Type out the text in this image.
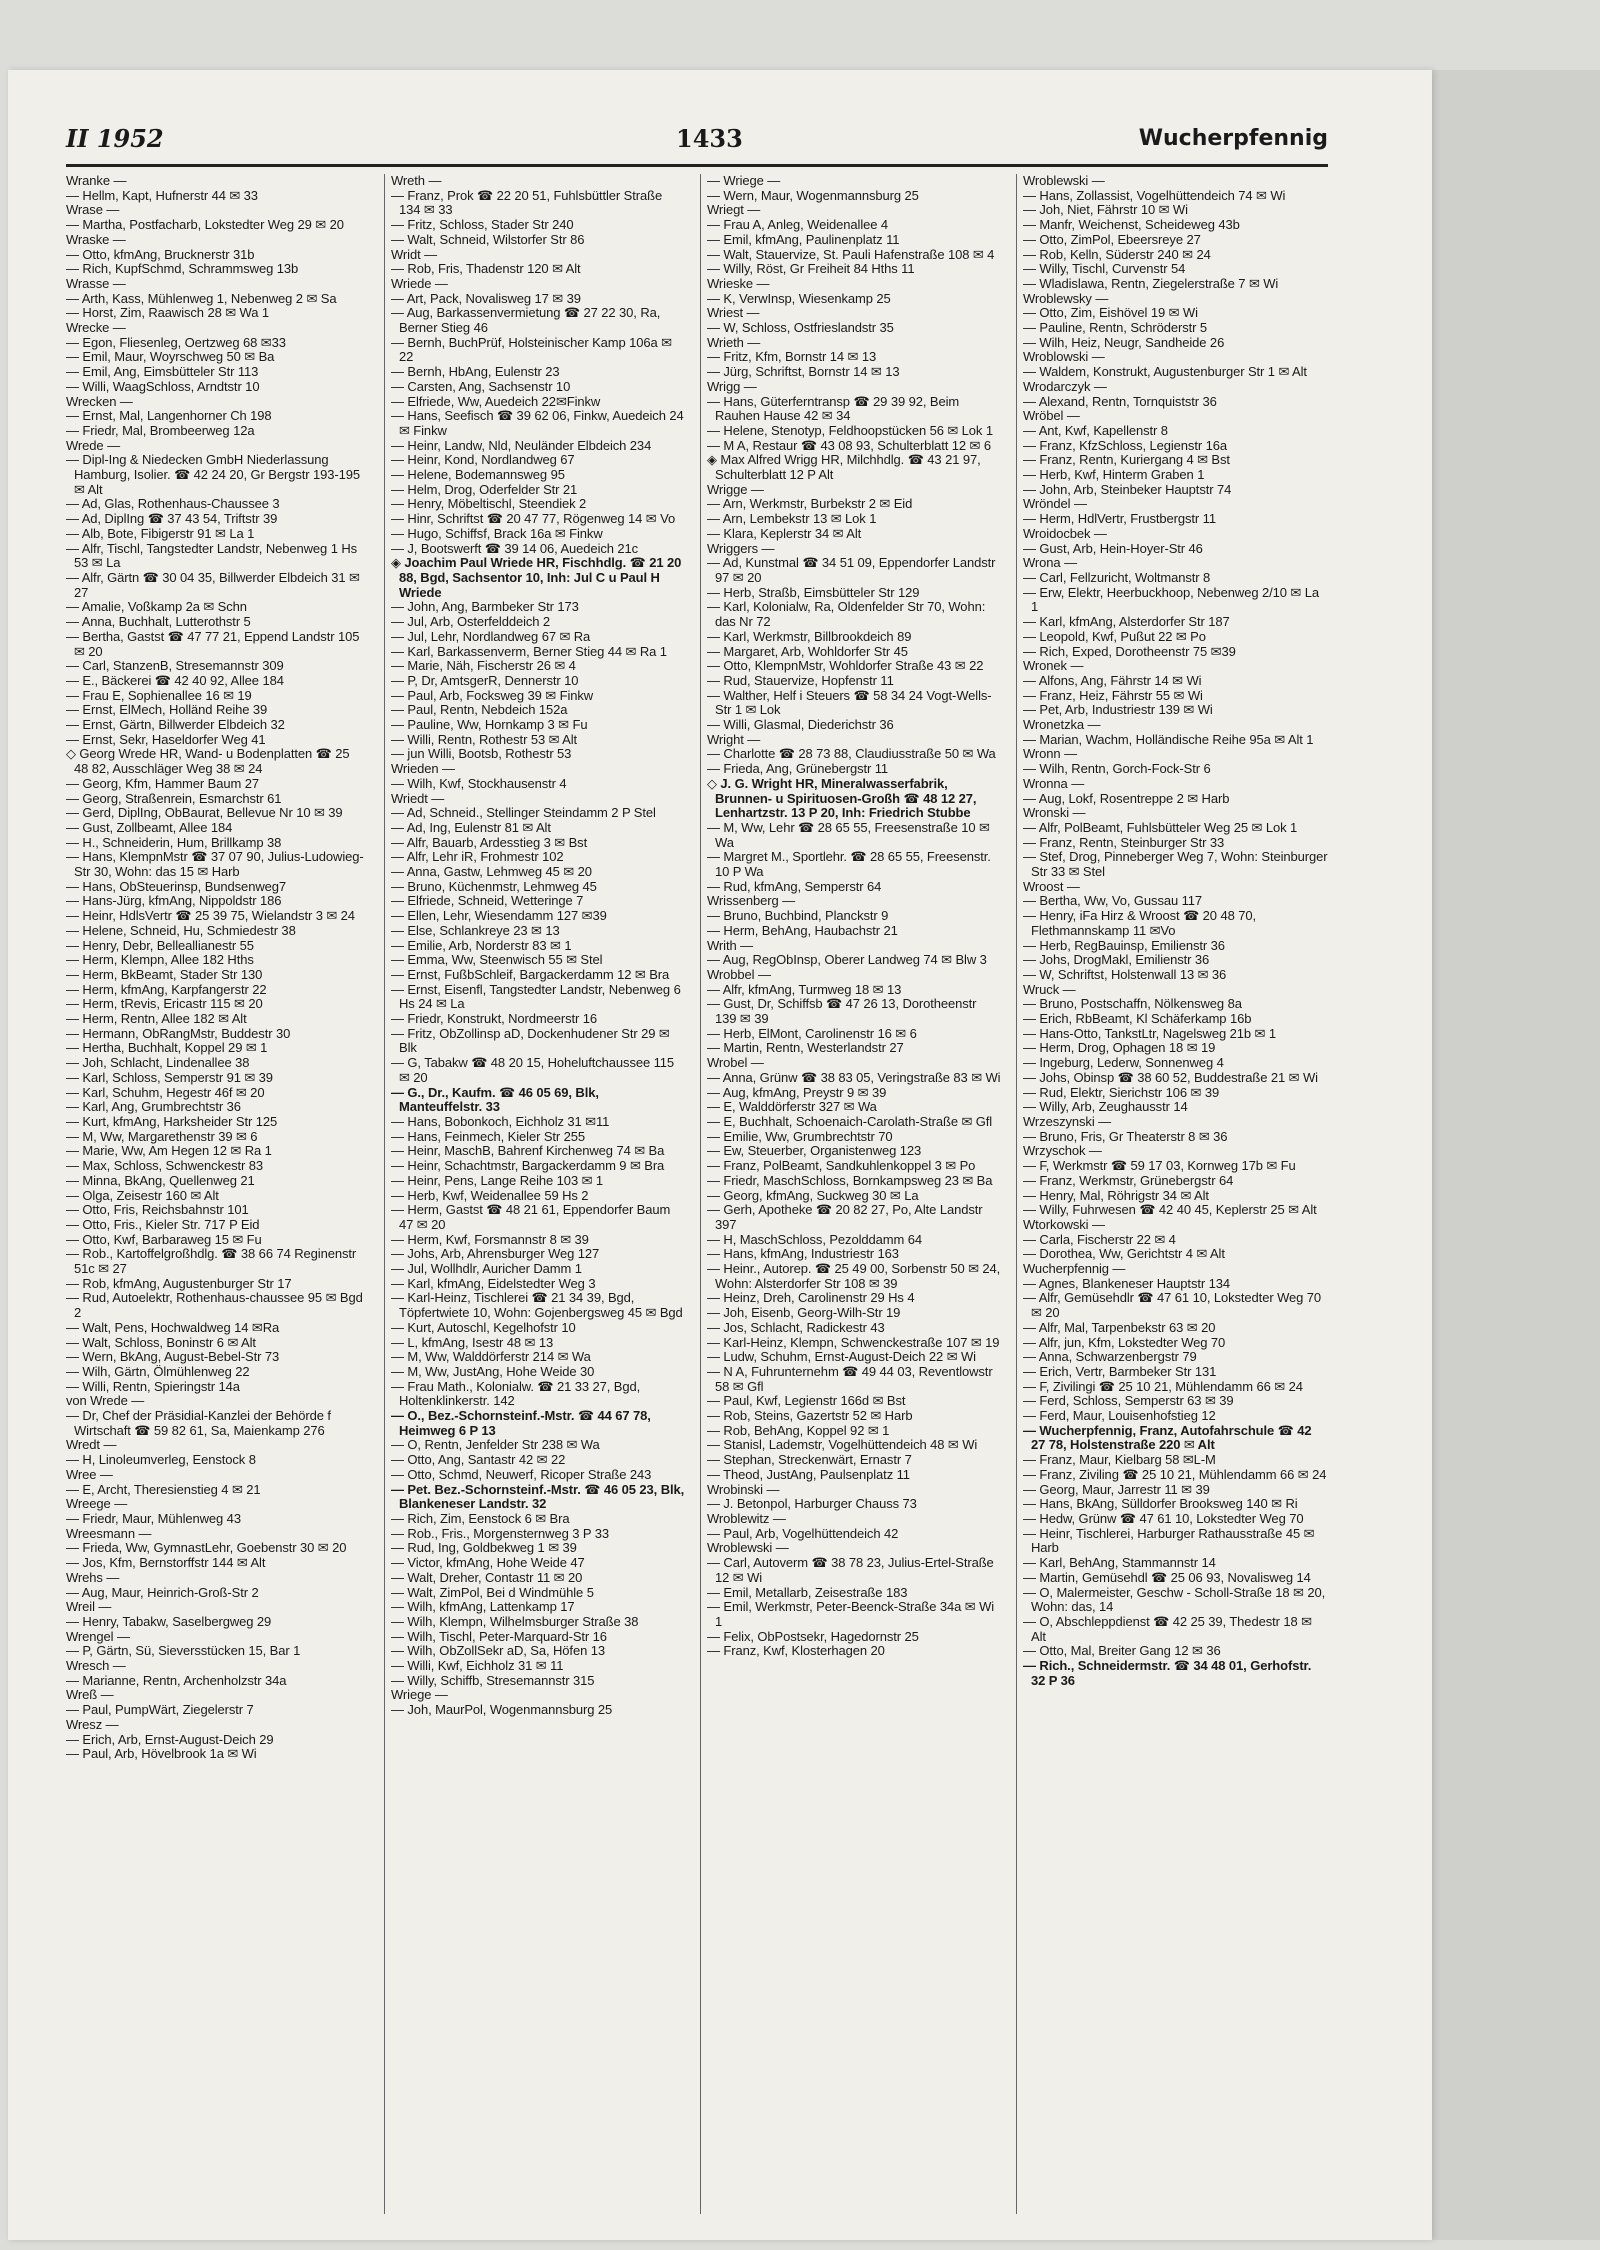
II 1952	1433	Wucherpfennig
Wranke —
— Hellm, Kapt, Hufnerstr 44 ✉ 33
Wrase —
— Martha, Postfacharb, Lokstedter Weg 29 ✉ 20
Wraske —
— Otto, kfmAng, Brucknerstr 31b
— Rich, KupfSchmd, Schrammsweg 13b
Wrasse —
— Arth, Kass, Mühlenweg 1, Nebenweg 2 ✉ Sa
— Horst, Zim, Raawisch 28 ✉ Wa 1
Wrecke —
— Egon, Fliesenleg, Oertzweg 68 ✉33
— Emil, Maur, Woyrschweg 50 ✉ Ba
— Emil, Ang, Eimsbütteler Str 113
— Willi, WaagSchloss, Arndtstr 10
Wrecken —
— Ernst, Mal, Langenhorner Ch 198
— Friedr, Mal, Brombeerweg 12a
Wrede —
— Dipl-Ing & Niedecken GmbH Niederlassung Hamburg, Isolier. ☎ 42 24 20, Gr Bergstr 193-195 ✉ Alt
— Ad, Glas, Rothenhaus-Chaussee 3
— Ad, DiplIng ☎ 37 43 54, Triftstr 39
— Alb, Bote, Fibigerstr 91 ✉ La 1
— Alfr, Tischl, Tangstedter Landstr, Nebenweg 1 Hs 53 ✉ La
— Alfr, Gärtn ☎ 30 04 35, Billwerder Elbdeich 31 ✉ 27
— Amalie, Voßkamp 2a ✉ Schn
— Anna, Buchhalt, Lutterothstr 5
— Bertha, Gastst ☎ 47 77 21, Eppend Landstr 105 ✉ 20
— Carl, StanzenB, Stresemannstr 309
— E., Bäckerei ☎ 42 40 92, Allee 184
— Frau E, Sophienallee 16 ✉ 19
— Ernst, ElMech, Holländ Reihe 39
— Ernst, Gärtn, Billwerder Elbdeich 32
— Ernst, Sekr, Haseldorfer Weg 41
◇ Georg Wrede HR, Wand- u Bodenplatten ☎ 25 48 82, Ausschläger Weg 38 ✉ 24
— Georg, Kfm, Hammer Baum 27
— Georg, Straßenrein, Esmarchstr 61
— Gerd, DiplIng, ObBaurat, Bellevue Nr 10 ✉ 39
— Gust, Zollbeamt, Allee 184
— H., Schneiderin, Hum, Brillkamp 38
— Hans, KlempnMstr ☎ 37 07 90, Julius-Ludowieg-Str 30, Wohn: das 15 ✉ Harb
— Hans, ObSteuerinsp, Bundsenweg7
— Hans-Jürg, kfmAng, Nippoldstr 186
— Heinr, HdlsVertr ☎ 25 39 75, Wielandstr 3 ✉ 24
— Helene, Schneid, Hu, Schmiedestr 38
— Henry, Debr, Belleallianestr 55
— Herm, Klempn, Allee 182 Hths
— Herm, BkBeamt, Stader Str 130
— Herm, kfmAng, Karpfangerstr 22
— Herm, tRevis, Ericastr 115 ✉ 20
— Herm, Rentn, Allee 182 ✉ Alt
— Hermann, ObRangMstr, Buddestr 30
— Hertha, Buchhalt, Koppel 29 ✉ 1
— Joh, Schlacht, Lindenallee 38
— Karl, Schloss, Semperstr 91 ✉ 39
— Karl, Schuhm, Hegestr 46f ✉ 20
— Karl, Ang, Grumbrechtstr 36
— Kurt, kfmAng, Harksheider Str 125
— M, Ww, Margarethenstr 39 ✉ 6
— Marie, Ww, Am Hegen 12 ✉ Ra 1
— Max, Schloss, Schwenckestr 83
— Minna, BkAng, Quellenweg 21
— Olga, Zeisestr 160 ✉ Alt
— Otto, Fris, Reichsbahnstr 101
— Otto, Fris., Kieler Str. 717 P Eid
— Otto, Kwf, Barbaraweg 15 ✉ Fu
— Rob., Kartoffelgroßhdlg. ☎ 38 66 74 Reginenstr 51c ✉ 27
— Rob, kfmAng, Augustenburger Str 17
— Rud, Autoelektr, Rothenhaus-chaussee 95 ✉ Bgd 2
— Walt, Pens, Hochwaldweg 14 ✉Ra
— Walt, Schloss, Boninstr 6 ✉ Alt
— Wern, BkAng, August-Bebel-Str 73
— Wilh, Gärtn, Ölmühlenweg 22
— Willi, Rentn, Spieringstr 14a
von Wrede —
— Dr, Chef der Präsidial-Kanzlei der Behörde f Wirtschaft ☎ 59 82 61, Sa, Maienkamp 276
Wredt —
— H, Linoleumverleg, Eenstock 8
Wree —
— E, Archt, Theresienstieg 4 ✉ 21
Wreege —
— Friedr, Maur, Mühlenweg 43
Wreesmann —
— Frieda, Ww, GymnastLehr, Goebenstr 30 ✉ 20
— Jos, Kfm, Bernstorffstr 144 ✉ Alt
Wrehs —
— Aug, Maur, Heinrich-Groß-Str 2
Wreil —
— Henry, Tabakw, Saselbergweg 29
Wrengel —
— P, Gärtn, Sü, Sieversstücken 15, Bar 1
Wresch —
— Marianne, Rentn, Archenholzstr 34a
Wreß —
— Paul, PumpWärt, Ziegelerstr 7
Wresz —
— Erich, Arb, Ernst-August-Deich 29
— Paul, Arb, Hövelbrook 1a ✉ Wi
Wreth —
— Franz, Prok ☎ 22 20 51, Fuhlsbüttler Straße 134 ✉ 33
— Fritz, Schloss, Stader Str 240
— Walt, Schneid, Wilstorfer Str 86
Wridt —
— Rob, Fris, Thadenstr 120 ✉ Alt
Wriede —
— Art, Pack, Novalisweg 17 ✉ 39
— Aug, Barkassenvermietung ☎ 27 22 30, Ra, Berner Stieg 46
— Bernh, BuchPrüf, Holsteinischer Kamp 106a ✉ 22
— Bernh, HbAng, Eulenstr 23
— Carsten, Ang, Sachsenstr 10
— Elfriede, Ww, Auedeich 22✉Finkw
— Hans, Seefisch ☎ 39 62 06, Finkw, Auedeich 24 ✉ Finkw
— Heinr, Landw, Nld, Neuländer Elbdeich 234
— Heinr, Kond, Nordlandweg 67
— Helene, Bodemannsweg 95
— Helm, Drog, Oderfelder Str 21
— Henry, Möbeltischl, Steendiek 2
— Hinr, Schriftst ☎ 20 47 77, Rögenweg 14 ✉ Vo
— Hugo, Schiffsf, Brack 16a ✉ Finkw
— J, Bootswerft ☎ 39 14 06, Auedeich 21c
◈ Joachim Paul Wriede HR, Fischhdlg. ☎ 21 20 88, Bgd, Sachsentor 10, Inh: Jul C u Paul H Wriede
— John, Ang, Barmbeker Str 173
— Jul, Arb, Osterfelddeich 2
— Jul, Lehr, Nordlandweg 67 ✉ Ra
— Karl, Barkassenverm, Berner Stieg 44 ✉ Ra 1
— Marie, Näh, Fischerstr 26 ✉ 4
— P, Dr, AmtsgerR, Dennerstr 10
— Paul, Arb, Focksweg 39 ✉ Finkw
— Paul, Rentn, Nebdeich 152a
— Pauline, Ww, Hornkamp 3 ✉ Fu
— Willi, Rentn, Rothestr 53 ✉ Alt
— jun Willi, Bootsb, Rothestr 53
Wrieden —
— Wilh, Kwf, Stockhausenstr 4
Wriedt —
— Ad, Schneid., Stellinger Steindamm 2 P Stel
— Ad, Ing, Eulenstr 81 ✉ Alt
— Alfr, Bauarb, Ardesstieg 3 ✉ Bst
— Alfr, Lehr iR, Frohmestr 102
— Anna, Gastw, Lehmweg 45 ✉ 20
— Bruno, Küchenmstr, Lehmweg 45
— Elfriede, Schneid, Wetteringe 7
— Ellen, Lehr, Wiesendamm 127 ✉39
— Else, Schlankreye 23 ✉ 13
— Emilie, Arb, Norderstr 83 ✉ 1
— Emma, Ww, Steenwisch 55 ✉ Stel
— Ernst, FußbSchleif, Bargackerdamm 12 ✉ Bra
— Ernst, Eisenfl, Tangstedter Landstr, Nebenweg 6 Hs 24 ✉ La
— Friedr, Konstrukt, Nordmeerstr 16
— Fritz, ObZollinsp aD, Dockenhudener Str 29 ✉ Blk
— G, Tabakw ☎ 48 20 15, Hoheluftchaussee 115 ✉ 20
— G., Dr., Kaufm. ☎ 46 05 69, Blk, Manteuffelstr. 33
— Hans, Bobonkoch, Eichholz 31 ✉11
— Hans, Feinmech, Kieler Str 255
— Heinr, MaschB, Bahrenf Kirchenweg 74 ✉ Ba
— Heinr, Schachtmstr, Bargackerdamm 9 ✉ Bra
— Heinr, Pens, Lange Reihe 103 ✉ 1
— Herb, Kwf, Weidenallee 59 Hs 2
— Herm, Gastst ☎ 48 21 61, Eppendorfer Baum 47 ✉ 20
— Herm, Kwf, Forsmannstr 8 ✉ 39
— Johs, Arb, Ahrensburger Weg 127
— Jul, Wollhdlr, Auricher Damm 1
— Karl, kfmAng, Eidelstedter Weg 3
— Karl-Heinz, Tischlerei ☎ 21 34 39, Bgd, Töpfertwiete 10, Wohn: Gojenbergsweg 45 ✉ Bgd
— Kurt, Autoschl, Kegelhofstr 10
— L, kfmAng, Isestr 48 ✉ 13
— M, Ww, Walddörferstr 214 ✉ Wa
— M, Ww, JustAng, Hohe Weide 30
— Frau Math., Kolonialw. ☎ 21 33 27, Bgd, Holtenklinkerstr. 142
— O., Bez.-Schornsteinf.-Mstr. ☎ 44 67 78, Heimweg 6 P 13
— O, Rentn, Jenfelder Str 238 ✉ Wa
— Otto, Ang, Santastr 42 ✉ 22
— Otto, Schmd, Neuwerf, Ricoper Straße 243
— Pet. Bez.-Schornsteinf.-Mstr. ☎ 46 05 23, Blk, Blankeneser Landstr. 32
— Rich, Zim, Eenstock 6 ✉ Bra
— Rob., Fris., Morgensternweg 3 P 33
— Rud, Ing, Goldbekweg 1 ✉ 39
— Victor, kfmAng, Hohe Weide 47
— Walt, Dreher, Contastr 11 ✉ 20
— Walt, ZimPol, Bei d Windmühle 5
— Wilh, kfmAng, Lattenkamp 17
— Wilh, Klempn, Wilhelmsburger Straße 38
— Wilh, Tischl, Peter-Marquard-Str 16
— Wilh, ObZollSekr aD, Sa, Höfen 13
— Willi, Kwf, Eichholz 31 ✉ 11
— Willy, Schiffb, Stresemannstr 315
Wriege —
— Joh, MaurPol, Wogenmannsburg 25
— Wriege —
— Wern, Maur, Wogenmannsburg 25
Wriegt —
— Frau A, Anleg, Weidenallee 4
— Emil, kfmAng, Paulinenplatz 11
— Walt, Stauervize, St. Pauli Hafenstraße 108 ✉ 4
— Willy, Röst, Gr Freiheit 84 Hths 11
Wrieske —
— K, VerwInsp, Wiesenkamp 25
Wriest —
— W, Schloss, Ostfrieslandstr 35
Wrieth —
— Fritz, Kfm, Bornstr 14 ✉ 13
— Jürg, Schriftst, Bornstr 14 ✉ 13
Wrigg —
— Hans, Güterferntransp ☎ 29 39 92, Beim Rauhen Hause 42 ✉ 34
— Helene, Stenotyp, Feldhoopstücken 56 ✉ Lok 1
— M A, Restaur ☎ 43 08 93, Schulterblatt 12 ✉ 6
◈ Max Alfred Wrigg HR, Milchhdlg. ☎ 43 21 97, Schulterblatt 12 P Alt
Wrigge —
— Arn, Werkmstr, Burbekstr 2 ✉ Eid
— Arn, Lembekstr 13 ✉ Lok 1
— Klara, Keplerstr 34 ✉ Alt
Wriggers —
— Ad, Kunstmal ☎ 34 51 09, Eppendorfer Landstr 97 ✉ 20
— Herb, Straßb, Eimsbütteler Str 129
— Karl, Kolonialw, Ra, Oldenfelder Str 70, Wohn: das Nr 72
— Karl, Werkmstr, Billbrookdeich 89
— Margaret, Arb, Wohldorfer Str 45
— Otto, KlempnMstr, Wohldorfer Straße 43 ✉ 22
— Rud, Stauervize, Hopfenstr 11
— Walther, Helf i Steuers ☎ 58 34 24 Vogt-Wells-Str 1 ✉ Lok
— Willi, Glasmal, Diederichstr 36
Wright —
— Charlotte ☎ 28 73 88, Claudiusstraße 50 ✉ Wa
— Frieda, Ang, Grünebergstr 11
◇ J. G. Wright HR, Mineralwasserfabrik, Brunnen- u Spirituosen-Großh ☎ 48 12 27, Lenhartzstr. 13 P 20, Inh: Friedrich Stubbe
— M, Ww, Lehr ☎ 28 65 55, Freesenstraße 10 ✉ Wa
— Margret M., Sportlehr. ☎ 28 65 55, Freesenstr. 10 P Wa
— Rud, kfmAng, Semperstr 64
Wrissenberg —
— Bruno, Buchbind, Planckstr 9
— Herm, BehAng, Haubachstr 21
Writh —
— Aug, RegObInsp, Oberer Landweg 74 ✉ Blw 3
Wrobbel —
— Alfr, kfmAng, Turmweg 18 ✉ 13
— Gust, Dr, Schiffsb ☎ 47 26 13, Dorotheenstr 139 ✉ 39
— Herb, ElMont, Carolinenstr 16 ✉ 6
— Martin, Rentn, Westerlandstr 27
Wrobel —
— Anna, Grünw ☎ 38 83 05, Veringstraße 83 ✉ Wi
— Aug, kfmAng, Preystr 9 ✉ 39
— E, Walddörferstr 327 ✉ Wa
— E, Buchhalt, Schoenaich-Carolath-Straße ✉ Gfl
— Emilie, Ww, Grumbrechtstr 70
— Ew, Steuerber, Organistenweg 123
— Franz, PolBeamt, Sandkuhlenkoppel 3 ✉ Po
— Friedr, MaschSchloss, Bornkampsweg 23 ✉ Ba
— Georg, kfmAng, Suckweg 30 ✉ La
— Gerh, Apotheke ☎ 20 82 27, Po, Alte Landstr 397
— H, MaschSchloss, Pezolddamm 64
— Hans, kfmAng, Industriestr 163
— Heinr., Autorep. ☎ 25 49 00, Sorbenstr 50 ✉ 24, Wohn: Alsterdorfer Str 108 ✉ 39
— Heinz, Dreh, Carolinenstr 29 Hs 4
— Joh, Eisenb, Georg-Wilh-Str 19
— Jos, Schlacht, Radickestr 43
— Karl-Heinz, Klempn, Schwenckestraße 107 ✉ 19
— Ludw, Schuhm, Ernst-August-Deich 22 ✉ Wi
— N A, Fuhrunternehm ☎ 49 44 03, Reventlowstr 58 ✉ Gfl
— Paul, Kwf, Legienstr 166d ✉ Bst
— Rob, Steins, Gazertstr 52 ✉ Harb
— Rob, BehAng, Koppel 92 ✉ 1
— Stanisl, Lademstr, Vogelhüttendeich 48 ✉ Wi
— Stephan, Streckenwärt, Ernastr 7
— Theod, JustAng, Paulsenplatz 11
Wrobinski —
— J. Betonpol, Harburger Chauss 73
Wroblewitz —
— Paul, Arb, Vogelhüttendeich 42
Wroblewski —
— Carl, Autoverm ☎ 38 78 23, Julius-Ertel-Straße 12 ✉ Wi
— Emil, Metallarb, Zeisestraße 183
— Emil, Werkmstr, Peter-Beenck-Straße 34a ✉ Wi 1
— Felix, ObPostsekr, Hagedornstr 25
— Franz, Kwf, Klosterhagen 20
Wroblewski —
— Hans, Zollassist, Vogelhüttendeich 74 ✉ Wi
— Joh, Niet, Fährstr 10 ✉ Wi
— Manfr, Weichenst, Scheideweg 43b
— Otto, ZimPol, Ebeersreye 27
— Rob, Kelln, Süderstr 240 ✉ 24
— Willy, Tischl, Curvenstr 54
— Wladislawa, Rentn, Ziegelerstraße 7 ✉ Wi
Wroblewsky —
— Otto, Zim, Eishövel 19 ✉ Wi
— Pauline, Rentn, Schröderstr 5
— Wilh, Heiz, Neugr, Sandheide 26
Wroblowski —
— Waldem, Konstrukt, Augustenburger Str 1 ✉ Alt
Wrodarczyk —
— Alexand, Rentn, Tornquiststr 36
Wröbel —
— Ant, Kwf, Kapellenstr 8
— Franz, KfzSchloss, Legienstr 16a
— Franz, Rentn, Kuriergang 4 ✉ Bst
— Herb, Kwf, Hinterm Graben 1
— John, Arb, Steinbeker Hauptstr 74
Wröndel —
— Herm, HdlVertr, Frustbergstr 11
Wroidocbek —
— Gust, Arb, Hein-Hoyer-Str 46
Wrona —
— Carl, Fellzuricht, Woltmanstr 8
— Erw, Elektr, Heerbuckhoop, Nebenweg 2/10 ✉ La 1
— Karl, kfmAng, Alsterdorfer Str 187
— Leopold, Kwf, Pußut 22 ✉ Po
— Rich, Exped, Dorotheenstr 75 ✉39
Wronek —
— Alfons, Ang, Fährstr 14 ✉ Wi
— Franz, Heiz, Fährstr 55 ✉ Wi
— Pet, Arb, Industriestr 139 ✉ Wi
Wronetzka —
— Marian, Wachm, Holländische Reihe 95a ✉ Alt 1
Wronn —
— Wilh, Rentn, Gorch-Fock-Str 6
Wronna —
— Aug, Lokf, Rosentreppe 2 ✉ Harb
Wronski —
— Alfr, PolBeamt, Fuhlsbütteler Weg 25 ✉ Lok 1
— Franz, Rentn, Steinburger Str 33
— Stef, Drog, Pinneberger Weg 7, Wohn: Steinburger Str 33 ✉ Stel
Wroost —
— Bertha, Ww, Vo, Gussau 117
— Henry, iFa Hirz & Wroost ☎ 20 48 70, Flethmannskamp 11 ✉Vo
— Herb, RegBauinsp, Emilienstr 36
— Johs, DrogMakl, Emilienstr 36
— W, Schriftst, Holstenwall 13 ✉ 36
Wruck —
— Bruno, Postschaffn, Nölkensweg 8a
— Erich, RbBeamt, Kl Schäferkamp 16b
— Hans-Otto, TankstLtr, Nagelsweg 21b ✉ 1
— Herm, Drog, Ophagen 18 ✉ 19
— Ingeburg, Lederw, Sonnenweg 4
— Johs, Obinsp ☎ 38 60 52, Buddestraße 21 ✉ Wi
— Rud, Elektr, Sierichstr 106 ✉ 39
— Willy, Arb, Zeughausstr 14
Wrzeszynski —
— Bruno, Fris, Gr Theaterstr 8 ✉ 36
Wrzyschok —
— F, Werkmstr ☎ 59 17 03, Kornweg 17b ✉ Fu
— Franz, Werkmstr, Grünebergstr 64
— Henry, Mal, Röhrigstr 34 ✉ Alt
— Willy, Fuhrwesen ☎ 42 40 45, Keplerstr 25 ✉ Alt
Wtorkowski —
— Carla, Fischerstr 22 ✉ 4
— Dorothea, Ww, Gerichtstr 4 ✉ Alt
Wucherpfennig —
— Agnes, Blankeneser Hauptstr 134
— Alfr, Gemüsehdlr ☎ 47 61 10, Lokstedter Weg 70 ✉ 20
— Alfr, Mal, Tarpenbekstr 63 ✉ 20
— Alfr, jun, Kfm, Lokstedter Weg 70
— Anna, Schwarzenbergstr 79
— Erich, Vertr, Barmbeker Str 131
— F, Zivilingi ☎ 25 10 21, Mühlendamm 66 ✉ 24
— Ferd, Schloss, Semperstr 63 ✉ 39
— Ferd, Maur, Louisenhofstieg 12
— Wucherpfennig, Franz, Autofahrschule ☎ 42 27 78, Holstenstraße 220 ✉ Alt
— Franz, Maur, Kielbarg 58 ✉L-M
— Franz, Ziviling ☎ 25 10 21, Mühlendamm 66 ✉ 24
— Georg, Maur, Jarrestr 11 ✉ 39
— Hans, BkAng, Sülldorfer Brooksweg 140 ✉ Ri
— Hedw, Grünw ☎ 47 61 10, Lokstedter Weg 70
— Heinr, Tischlerei, Harburger Rathausstraße 45 ✉ Harb
— Karl, BehAng, Stammannstr 14
— Martin, Gemüsehdl ☎ 25 06 93, Novalisweg 14
— O, Malermeister, Geschw - Scholl-Straße 18 ✉ 20, Wohn: das, 14
— O, Abschleppdienst ☎ 42 25 39, Thedestr 18 ✉ Alt
— Otto, Mal, Breiter Gang 12 ✉ 36
— Rich., Schneidermstr. ☎ 34 48 01, Gerhofstr. 32 P 36
